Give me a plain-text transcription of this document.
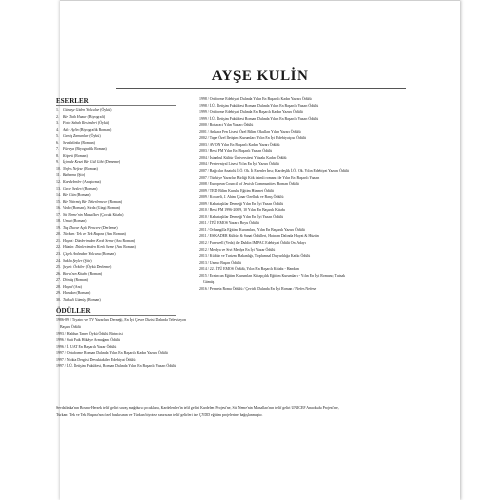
AYŞE KULİN
ESERLER
1. Güneşe Giden Yolcular (Öykü)
2. Bir Tatlı Huzur (Biyografi)
3. Foto Sabah Resimleri (Öykü)
4. Adı: Aylin (Biyografik Roman)
5. Geniş Zamanlar (Öykü)
6. Sevdalinka (Roman)
7. Füreya (Biyografik Roman)
8. Köprü (Roman)
9. İçimde Kezzi Bir Gül Gibi (Deneme)
10. Nefes Nefese (Roman)
11. Babama (Şiir)
12. Kardelenler (Araştırma)
13. Gece Sesleri (Roman)
14. Bir Gün (Roman)
15. Bir Yitirmiş Bir Tekerlemece (Roman)
16. Veda (Roman), Sirda (Gizgi Roman)
17. Sit Neme'nin Masalları (Çocuk Kitabı)
18. Umut (Roman)
19. Taş Duvar Açık Pencere (Derleme)
20. Türkan: Tek ve Tek Başına (Anı Roman)
21. Hayat: Dünlerimden Kırık Seme (Anı Roman)
22. Hüzün: Dünlerimden Kırık Seme (Anı Roman)
23. Çiçek Ardından Yolcunu (Roman)
24. Sakla Şeyler (Şiir)
25. Şeyzi: Örkiler (Öykü Derleme)
26. Bora'nın Kitabı (Roman)
27. Dönüş (Roman)
28. Hayal (Anı)
29. Handan (Roman)
30. Tutkuli Gümüş (Roman)
ÖDÜLLER
1986-89 / Tıyatro ve TV Yazarları Derneği, En İyi Çevre Dizisi Dalında Televizyon Başarı Ödülü
1993 / Haldun Taner Öykü Ödülü Birincisi
1996 / Sait Faik Hikâye Armağanı Ödülü
1996 / İ. UAT En Başarılı Yazar Ödülü
1997 / Ortaforme Roman Dalında Yılın En Başarılı Kadın Yazarı Ödülü
1997 / Nokta Dergisi Devuktakiler Edebiyat Ödülü
1997 / İ.Ü. İletişim Fakültesi, Roman Dalında Yılın En Başarılı Yazarı Ödülü
1998 / Ortforme Edebiyat Dalında Yılın En Başarılı Kadın Yazarı Ödülü
1998 / İ.Ü. İletişim Fakültesi Roman Dalında Yılın En Başarılı Yazarı Ödülü
1999 / Ortforme Edebiyat Dalında En Başarılı Kadın Yazarı Ödülü
1999 / İ.Ü. İletişim Fakültesi Roman Dalında Yılın En Başarılı Yazarı Ödülü
2000 / Rotaract Yılın Yazarı Ödülü
2001 / Ankara Fen Lisesi Özel Bilim Okulları Yılın Yazarı Ödülü
2002 / Tape Özel İletişim Kurumları Yılın En İyi Edebiyatçısı Ödülü
2003 / AVON Yılın En Başarılı Kadın Yazarı Ödülü
2003 / Best FM Yılın En Başarılı Yazarı Ödülü
2004 / İstanbul Kültür Üniversitesi Yüzakı Kadın Ödülü
2004 / Pertevniyal Lisesi Yılın En İyi Yazarı Ödülü
2007 / Bağcılar Anatolü İ.Ö. Ok. İt Esenler İnsı; Kardeşlik İ.Ö. Ok. Yılın Edebiyat Yazarı Ödülü
2007 / Türkiye Yazarlar Birliği Kök isimli romanı ile Yılın En Başarılı Yazarı
2008 / European Council of Jewish Communities Roman Ödülü
2009 / TED Bilim Kurulu Eğitim Hizmet Ödülü
2009 / Kocaeli, J. Ahim Çınar Ozelluk ve Barış Ödülü
2009 / Kabataşlılar Derneği Yılın En İyi Yazarı Ödülü
2010 / Best FM 1996-2009, 10 Yılın En Başarılı Kitabı
2010 / Kabataşlılar Derneği Yılın En İyi Yazarı Ödülü
2011 / İTÜ EMOS Yazarı Boyu Ödülü
2011 / Orhangilla Eğitim Kurumları, Yılın En Başarılı Yazarı Ödülü
2011 / ESKADER Kültür & Sanat Ödülleri, Hatıran Dalında Hayat & Hüzün
2012 / Farewell (Veda) ile Dublin IMPAC Edebiyat Ödülü On Adayı
2012 / Medya ve Sivi Medya En İyi Yazar Ödülü
2013 / Kültür ve Turizm Bakanlığı, Toplumsal Duyarlılığa Katkı Ödülü
2013 / Uzmo Başarı Ödülü
2014 / 22. İTÜ EMOS Ödülü, Yılın En Başarılı Kitabı - Handan
2015 / Erzincan Eğitim Kurumları Kitapçılık Eğitim Kurumları - Yılın En İyi Romanı; Tutsak Gümüş
2016 / Perneta Roma Ödülü / Çevirli Dalında En İyi Roman / Nefes Nefese
Sevdalinka'nın Bosna-Hersek telif geliri savaş mağduru çocuklara, Kardelenler'in telif geliri Kardelen Projesi'ne, Sit Neme'nin Masalları'nın telif geliri UNICEF Anaokulu Projesi'ne, Türkan: Tek ve Tek Başına'nın özel baskısının ve Türkan biyotez sınırsızın telif gelirleri ise ÇYDD eğitim projelerine bağışlanmıştır.
